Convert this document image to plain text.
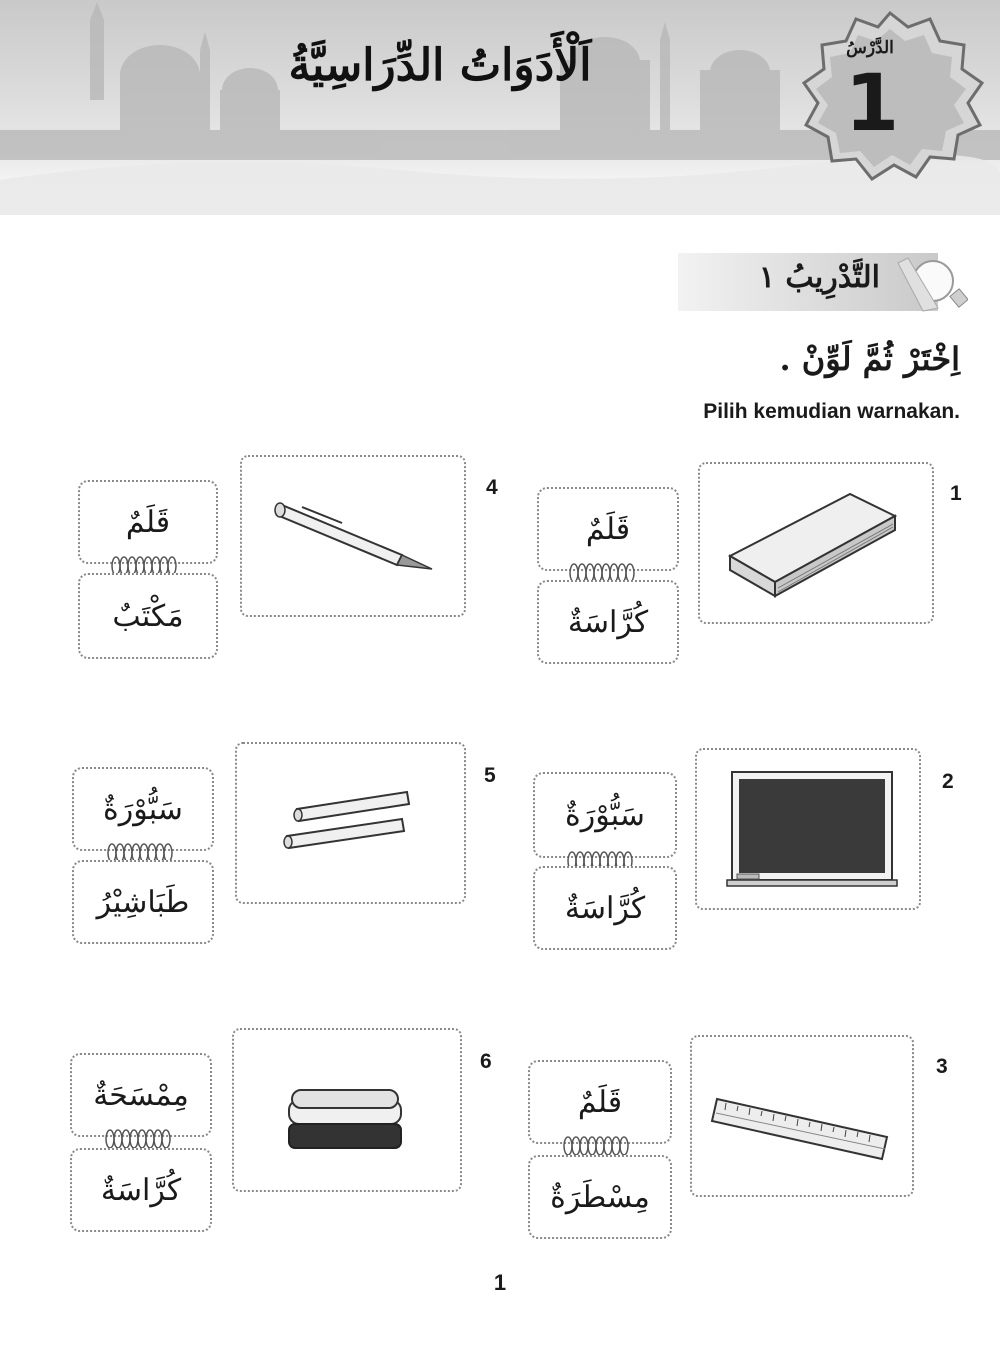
اَلْأَدَوَاتُ الدِّرَاسِيَّةُ	الدَّرْسُ
1
التَّدْرِيبُ ١
اِخْتَرْ ثُمَّ لَوِّنْ .
Pilih kemudian warnakan.
1
قَلَمٌ
كُرَّاسَةٌ
2
سَبُّوْرَةٌ
كُرَّاسَةٌ
3
قَلَمٌ
مِسْطَرَةٌ
4
قَلَمٌ
مَكْتَبٌ
5
سَبُّوْرَةٌ
طَبَاشِيْرُ
6
مِمْسَحَةٌ
كُرَّاسَةٌ
1
